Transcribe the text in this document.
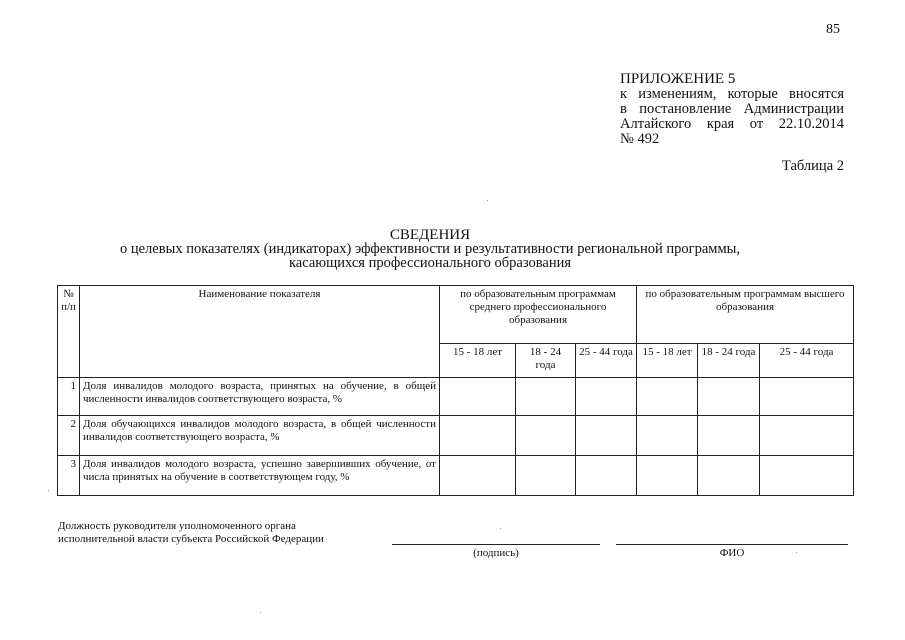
85
ПРИЛОЖЕНИЕ 5
к изменениям, которые вносятся
в постановление Администрации
Алтайского края от 22.10.2014
№ 492
Таблица 2
СВЕДЕНИЯ
о целевых показателях (индикаторах) эффективности и результативности региональной программы,
касающихся профессионального образования
№ п/п	Наименование показателя	по образовательным программам среднего профессионального образования			по образовательным программам высшего образования		
		15 - 18 лет	18 - 24 года	25 - 44 года	15 - 18 лет	18 - 24 года	25 - 44 года
1	Доля инвалидов молодого возраста, принятых на обучение, в общей численности инвалидов соответствующего возраста, %						
2	Доля обучающихся инвалидов молодого возраста, в общей численности инвалидов соответствующего возраста, %						
3	Доля инвалидов молодого возраста, успешно завершивших обучение, от числа принятых на обучение в соответствующем году, %						
Должность руководителя уполномоченного органа
исполнительной власти субъекта Российской Федерации
(подпись)	ФИО
